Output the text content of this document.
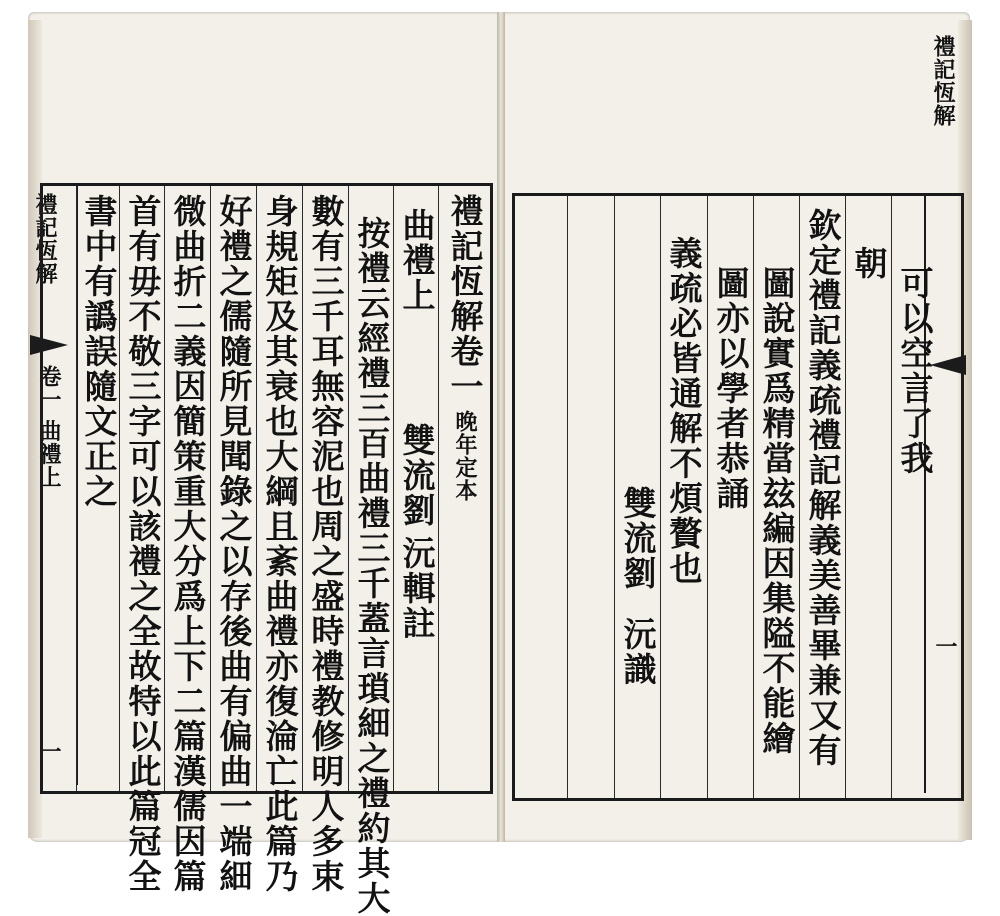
禮記恆解
卷一 曲禮上
一
禮記恆解卷一
晚年定本
曲禮上
雙流劉
沅輯註
按禮云經禮三百曲禮三千蓋言瑣細之禮約其大
數有三千耳無容泥也周之盛時禮教修明人多束
身規矩及其衰也大綱且紊曲禮亦復淪亡此篇乃
好禮之儒隨所見聞錄之以存後曲有偏曲一端細
微曲折二義因簡策重大分爲上下二篇漢儒因篇
首有毋不敬三字可以該禮之全故特以此篇冠全
書中有譌誤隨文正之
禮記恆解
一
可以空言了我
朝
欽定禮記義疏禮記解義美善畢兼又有
圖說實爲精當玆編因集隘不能繪
圖亦以學者恭誦
義疏必皆通解不煩贅也
雙流劉
沅識
